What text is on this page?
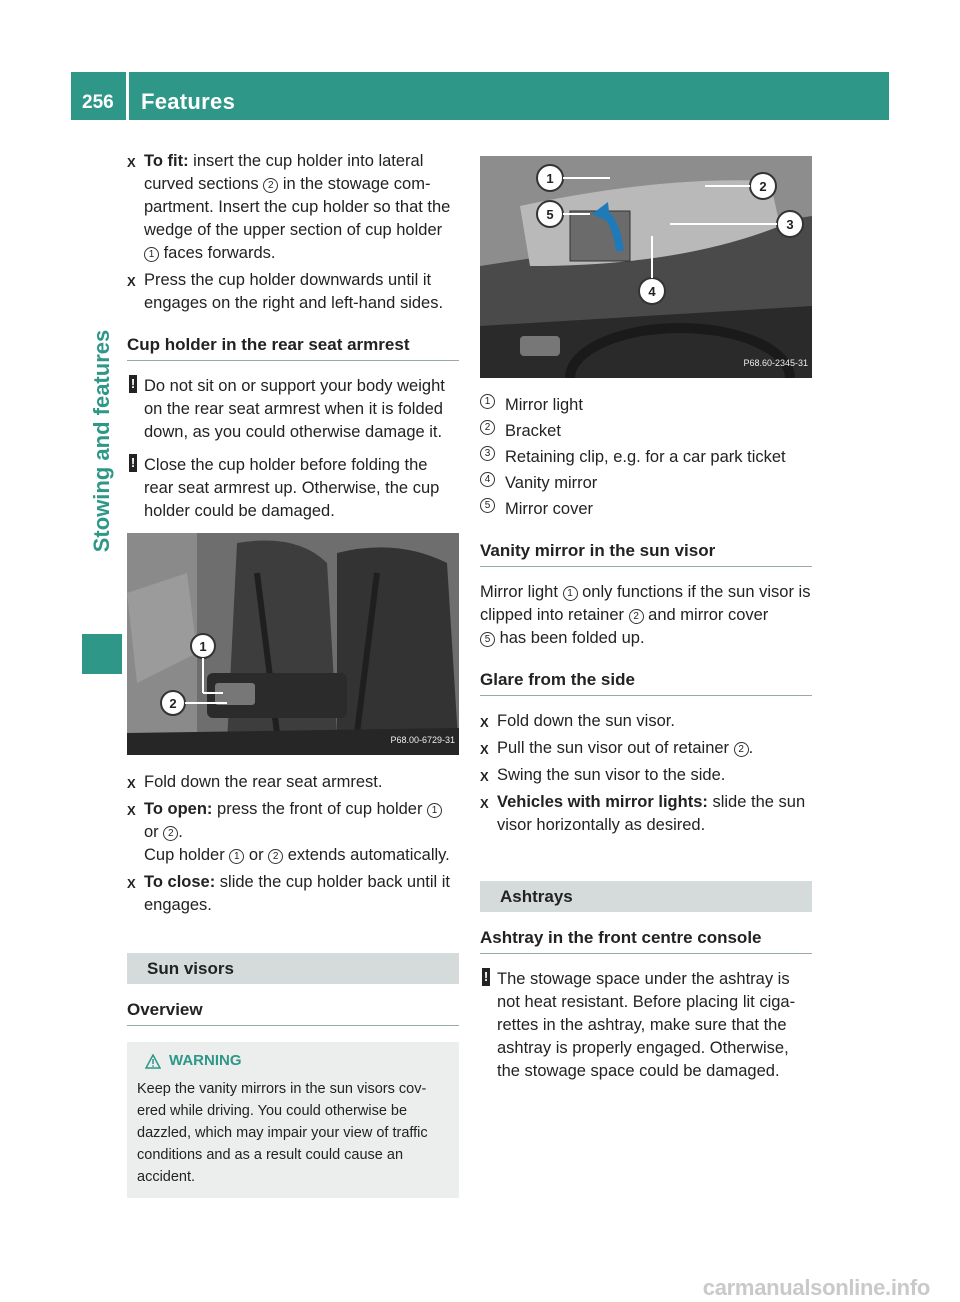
256 Features
Stowing and features
X To fit: insert the cup holder into lateral curved sections 2 in the stowage com-partment. Insert the cup holder so that the wedge of the upper section of cup holder 1 faces forwards.
X Press the cup holder downwards until it engages on the right and left-hand sides.
Cup holder in the rear seat armrest
! Do not sit on or support your body weight on the rear seat armrest when it is folded down, as you could otherwise damage it.
! Close the cup holder before folding the rear seat armrest up. Otherwise, the cup holder could be damaged.
1
2
P68.00-6729-31
X Fold down the rear seat armrest.
X To open: press the front of cup holder 1 or 2 .
Cup holder 1 or 2 extends automatically.
X To close: slide the cup holder back until it engages.
Sun visors
Overview
WARNING
Keep the vanity mirrors in the sun visors cov-ered while driving. You could otherwise be dazzled, which may impair your view of traffic conditions and as a result could cause an accident.
1
2
5
3
4
P68.60-2345-31
1 Mirror light
2 Bracket
3 Retaining clip, e.g. for a car park ticket
4 Vanity mirror
5 Mirror cover
Vanity mirror in the sun visor
Mirror light 1 only functions if the sun visor is clipped into retainer 2 and mirror cover
5 has been folded up.
Glare from the side
X Fold down the sun visor.
X Pull the sun visor out of retainer 2 .
X Swing the sun visor to the side.
X Vehicles with mirror lights: slide the sun visor horizontally as desired.
Ashtrays
Ashtray in the front centre console
! The stowage space under the ashtray is not heat resistant. Before placing lit ciga-rettes in the ashtray, make sure that the ashtray is properly engaged. Otherwise, the stowage space could be damaged.
carmanualsonline.info
